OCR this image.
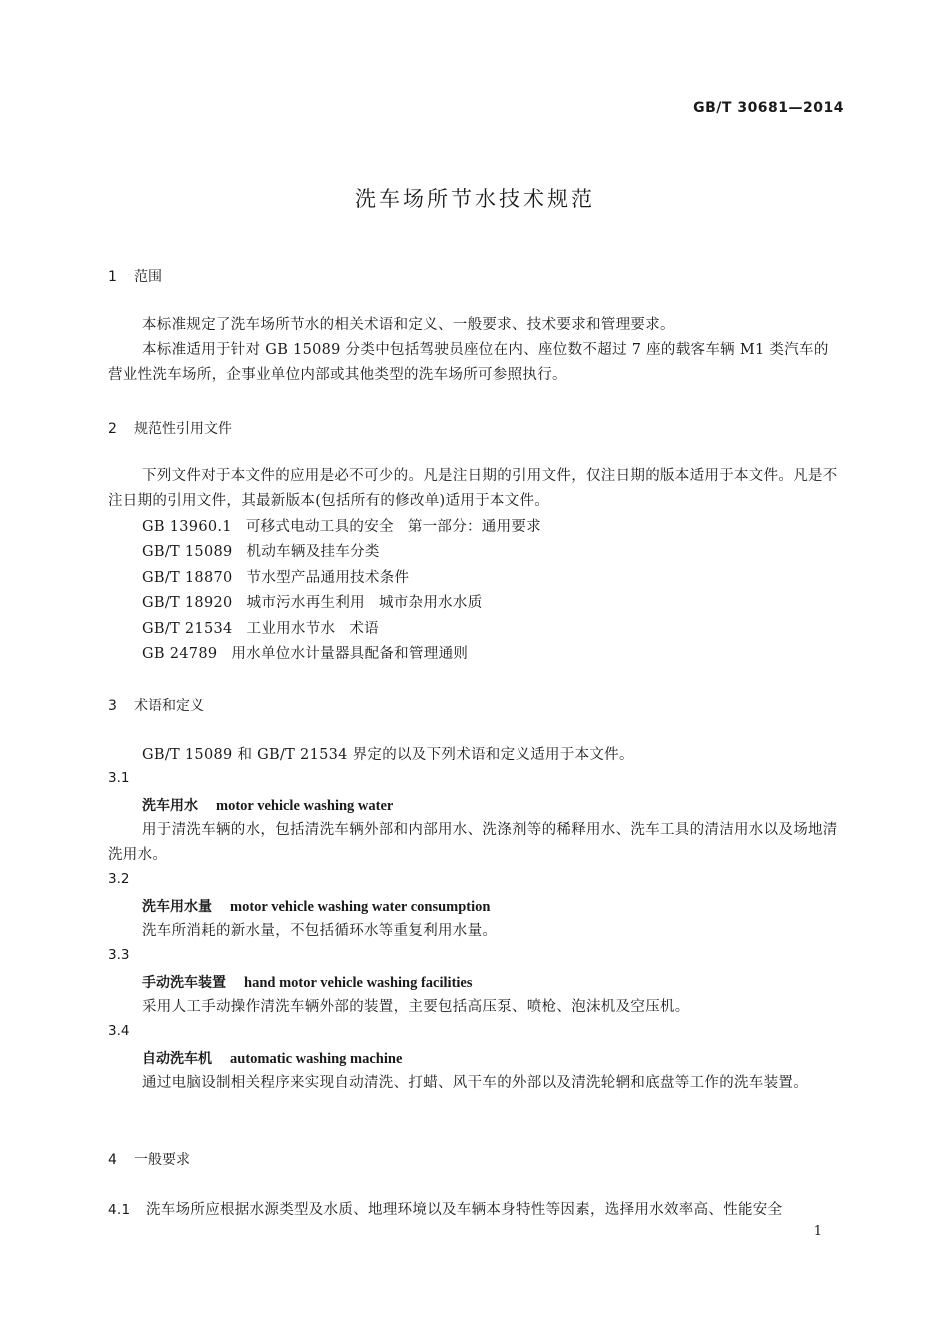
GB/T 30681—2014
洗车场所节水技术规范
1 范围
本标准规定了洗车场所节水的相关术语和定义、一般要求、技术要求和管理要求。
本标准适用于针对 GB 15089 分类中包括驾驶员座位在内、座位数不超过 7 座的载客车辆 M1 类汽车的营业性洗车场所，企事业单位内部或其他类型的洗车场所可参照执行。
2 规范性引用文件
下列文件对于本文件的应用是必不可少的。凡是注日期的引用文件，仅注日期的版本适用于本文件。凡是不注日期的引用文件，其最新版本(包括所有的修改单)适用于本文件。
GB 13960.1 可移式电动工具的安全 第一部分：通用要求
GB/T 15089 机动车辆及挂车分类
GB/T 18870 节水型产品通用技术条件
GB/T 18920 城市污水再生利用 城市杂用水水质
GB/T 21534 工业用水节水 术语
GB 24789 用水单位水计量器具配备和管理通则
3 术语和定义
GB/T 15089 和 GB/T 21534 界定的以及下列术语和定义适用于本文件。
3.1
洗车用水 motor vehicle washing water
用于清洗车辆的水，包括清洗车辆外部和内部用水、洗涤剂等的稀释用水、洗车工具的清洁用水以及场地清洗用水。
3.2
洗车用水量 motor vehicle washing water consumption
洗车所消耗的新水量，不包括循环水等重复利用水量。
3.3
手动洗车装置 hand motor vehicle washing facilities
采用人工手动操作清洗车辆外部的装置，主要包括高压泵、喷枪、泡沫机及空压机。
3.4
自动洗车机 automatic washing machine
通过电脑设制相关程序来实现自动清洗、打蜡、风干车的外部以及清洗轮辋和底盘等工作的洗车装置。
4 一般要求
4.1 洗车场所应根据水源类型及水质、地理环境以及车辆本身特性等因素，选择用水效率高、性能安全
1
